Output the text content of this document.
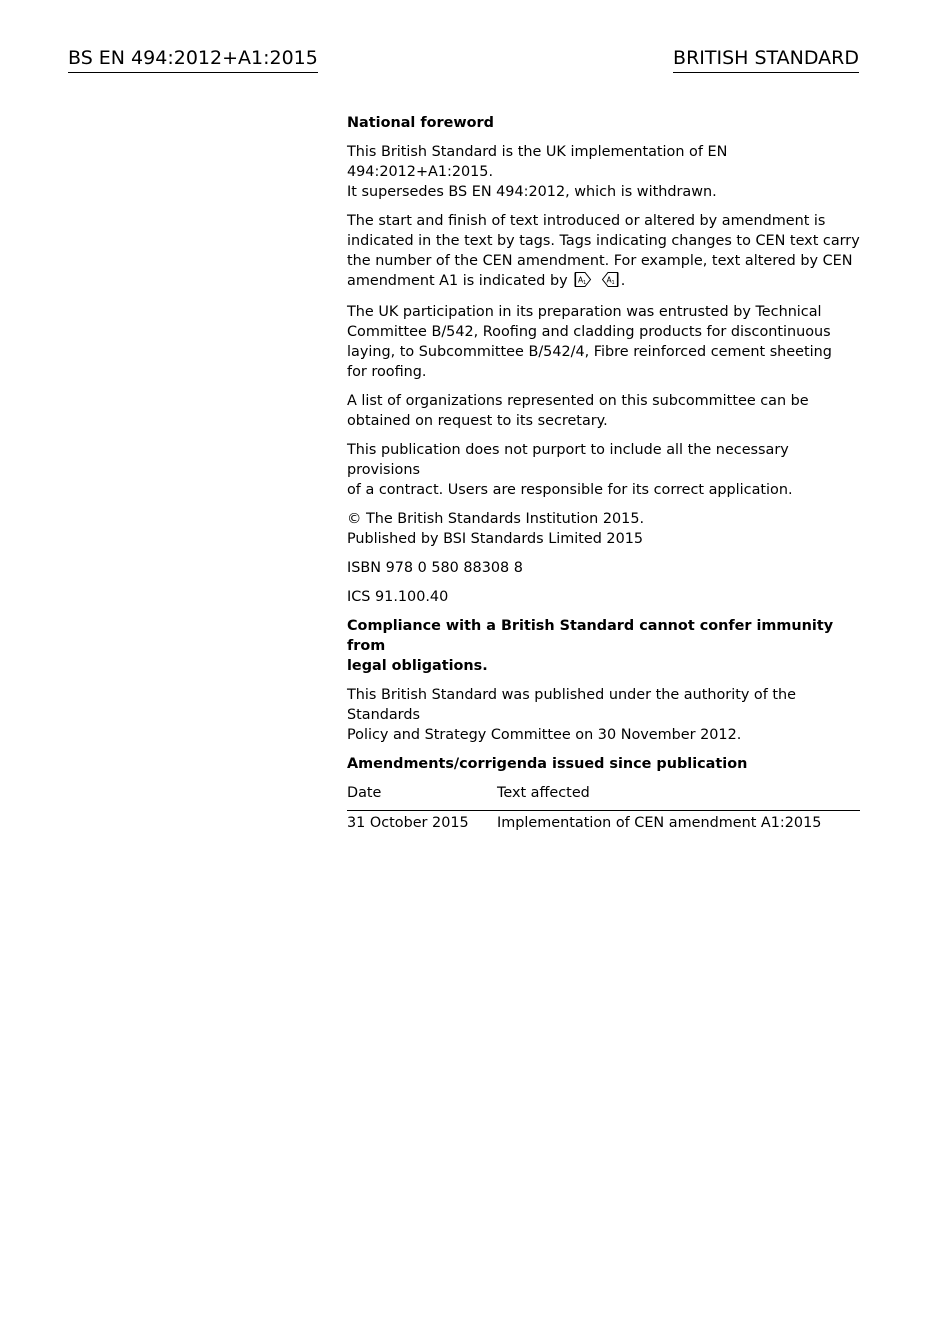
BS EN 494:2012+A1:2015	BRITISH STANDARD
National foreword

This British Standard is the UK implementation of EN 494:2012+A1:2015.
It supersedes BS EN 494:2012, which is withdrawn.

The start and finish of text introduced or altered by amendment is
indicated in the text by tags. Tags indicating changes to CEN text carry
the number of the CEN amendment. For example, text altered by CEN
amendment A1 is indicated by A 1
	A 1 .

The UK participation in its preparation was entrusted by Technical
Committee B/542, Roofing and cladding products for discontinuous
laying, to Subcommittee B/542/4, Fibre reinforced cement sheeting
for roofing.

A list of organizations represented on this subcommittee can be
obtained on request to its secretary.

This publication does not purport to include all the necessary provisions
of a contract. Users are responsible for its correct application.

© The British Standards Institution 2015.
Published by BSI Standards Limited 2015

ISBN 978 0 580 88308 8

ICS 91.100.40

Compliance with a British Standard cannot confer immunity from
legal obligations.

This British Standard was published under the authority of the Standards
Policy and Strategy Committee on 30 November 2012.

Amendments/corrigenda issued since publication
Date	Text affected
31 October 2015	Implementation of CEN amendment A1:2015
